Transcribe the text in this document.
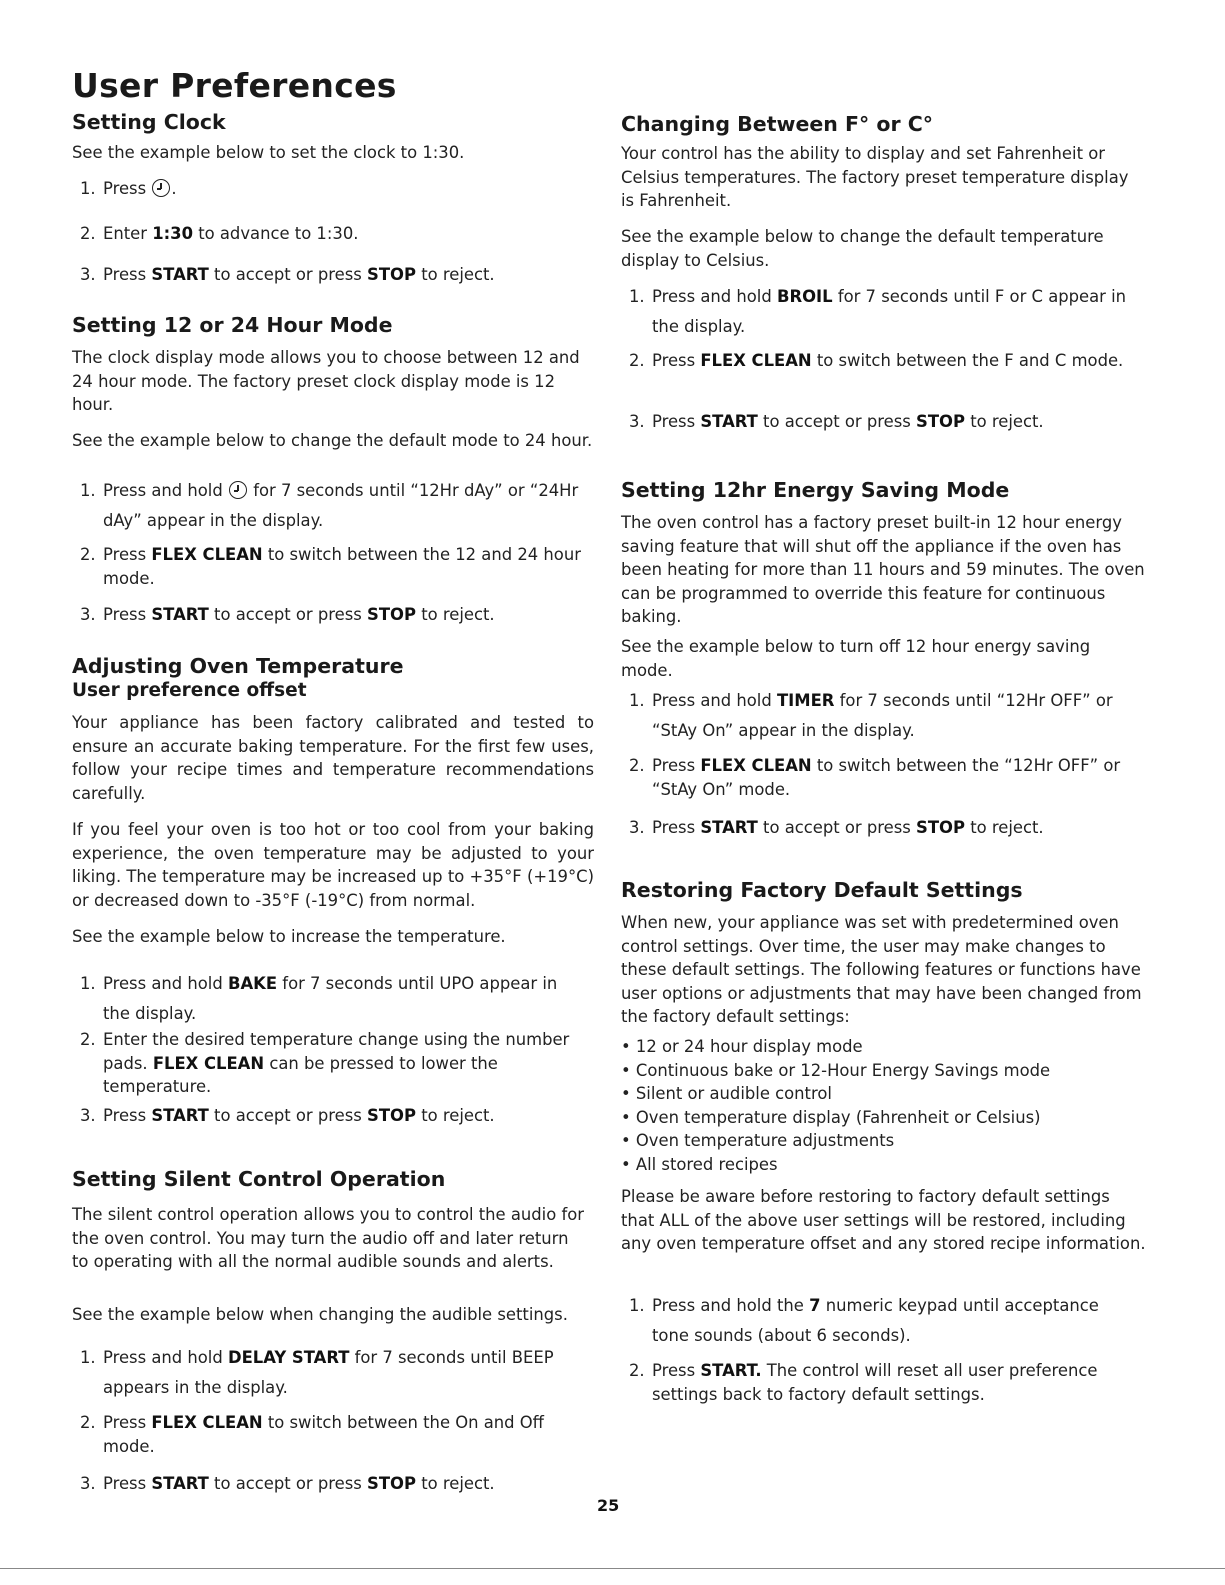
User Preferences
Setting Clock
See the example below to set the clock to 1:30.
1. Press .
2. Enter 1:30 to advance to 1:30.
3. Press START to accept or press STOP to reject.
Setting 12 or 24 Hour Mode
The clock display mode allows you to choose between 12 and 24 hour mode. The factory preset clock display mode is 12 hour.
See the example below to change the default mode to 24 hour.
1. Press and hold for 7 seconds until “12Hr dAy” or “24Hr dAy” appear in the display.
2. Press FLEX CLEAN to switch between the 12 and 24 hour mode.
3. Press START to accept or press STOP to reject.
Adjusting Oven Temperature
User preference offset
Your appliance has been factory calibrated and tested to ensure an accurate baking temperature. For the first few uses, follow your recipe times and temperature recommendations carefully.
If you feel your oven is too hot or too cool from your baking experience, the oven temperature may be adjusted to your liking. The temperature may be increased up to +35°F (+19°C) or decreased down to -35°F (-19°C) from normal.
See the example below to increase the temperature.
1. Press and hold BAKE for 7 seconds until UPO appear in the display.
2. Enter the desired temperature change using the number pads. FLEX CLEAN can be pressed to lower the temperature.
3. Press START to accept or press STOP to reject.
Setting Silent Control Operation
The silent control operation allows you to control the audio for the oven control. You may turn the audio off and later return to operating with all the normal audible sounds and alerts.
See the example below when changing the audible settings.
1. Press and hold DELAY START for 7 seconds until BEEP appears in the display.
2. Press FLEX CLEAN to switch between the On and Off mode.
3. Press START to accept or press STOP to reject.
Changing Between F° or C°
Your control has the ability to display and set Fahrenheit or Celsius temperatures. The factory preset temperature display is Fahrenheit.
See the example below to change the default temperature display to Celsius.
1. Press and hold BROIL for 7 seconds until F or C appear in the display.
2. Press FLEX CLEAN to switch between the F and C mode.
3. Press START to accept or press STOP to reject.
Setting 12hr Energy Saving Mode
The oven control has a factory preset built-in 12 hour energy saving feature that will shut off the appliance if the oven has been heating for more than 11 hours and 59 minutes. The oven can be programmed to override this feature for continuous baking.
See the example below to turn off 12 hour energy saving mode.
1. Press and hold TIMER for 7 seconds until “12Hr OFF” or “StAy On” appear in the display.
2. Press FLEX CLEAN to switch between the “12Hr OFF” or “StAy On” mode.
3. Press START to accept or press STOP to reject.
Restoring Factory Default Settings
When new, your appliance was set with predetermined oven control settings. Over time, the user may make changes to these default settings. The following features or functions have user options or adjustments that may have been changed from the factory default settings:
• 12 or 24 hour display mode
• Continuous bake or 12-Hour Energy Savings mode
• Silent or audible control
• Oven temperature display (Fahrenheit or Celsius)
• Oven temperature adjustments
• All stored recipes
Please be aware before restoring to factory default settings that ALL of the above user settings will be restored, including any oven temperature offset and any stored recipe information.
1. Press and hold the 7 numeric keypad until acceptance tone sounds (about 6 seconds).
2. Press START. The control will reset all user preference settings back to factory default settings.
25
